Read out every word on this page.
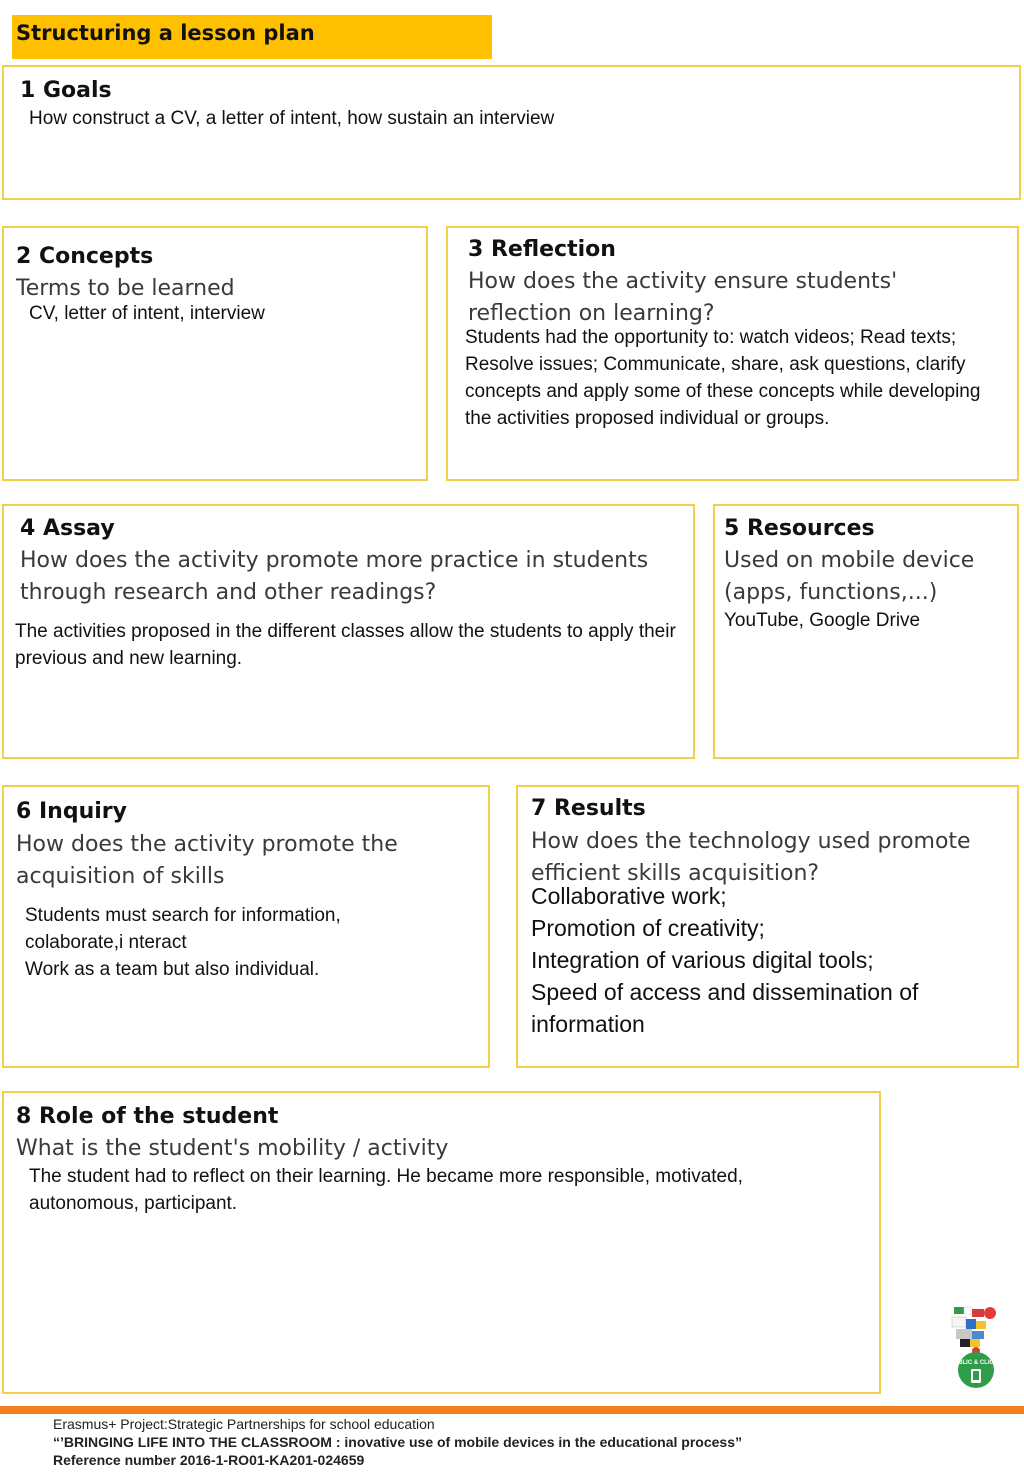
Structuring a lesson plan
1 Goals
How construct a CV, a letter of intent, how sustain an interview
2 Concepts
Terms to be learned
CV, letter of intent, interview
3 Reflection
How does the activity ensure students' reflection on learning?
Students had the opportunity to: watch videos; Read texts; Resolve issues; Communicate, share, ask questions, clarify concepts and apply some of these concepts while developing the activities proposed individual or groups.
4 Assay
How does the activity promote more practice in students through research and other readings?
The activities proposed in the different classes allow the students to apply their previous and new learning.
5 Resources
Used on mobile device (apps, functions,...)
YouTube, Google Drive
6 Inquiry
How does the activity promote the acquisition of skills
Students must search for information,
colaborate,i nteract
Work as a team but also individual.
7 Results
How does the technology used promote efficient skills acquisition?
Collaborative work;
Promotion of creativity;
Integration of various digital tools;
Speed of access and dissemination of information
8 Role of the student
What is the student's mobility / activity
The student had to reflect on their learning. He became more responsible, motivated, autonomous, participant.
BLIC & CLIC
Erasmus+ Project:Strategic Partnerships for school education
“’BRINGING LIFE INTO THE CLASSROOM : inovative use of mobile devices in the educational process”
Reference number 2016-1-RO01-KA201-024659
